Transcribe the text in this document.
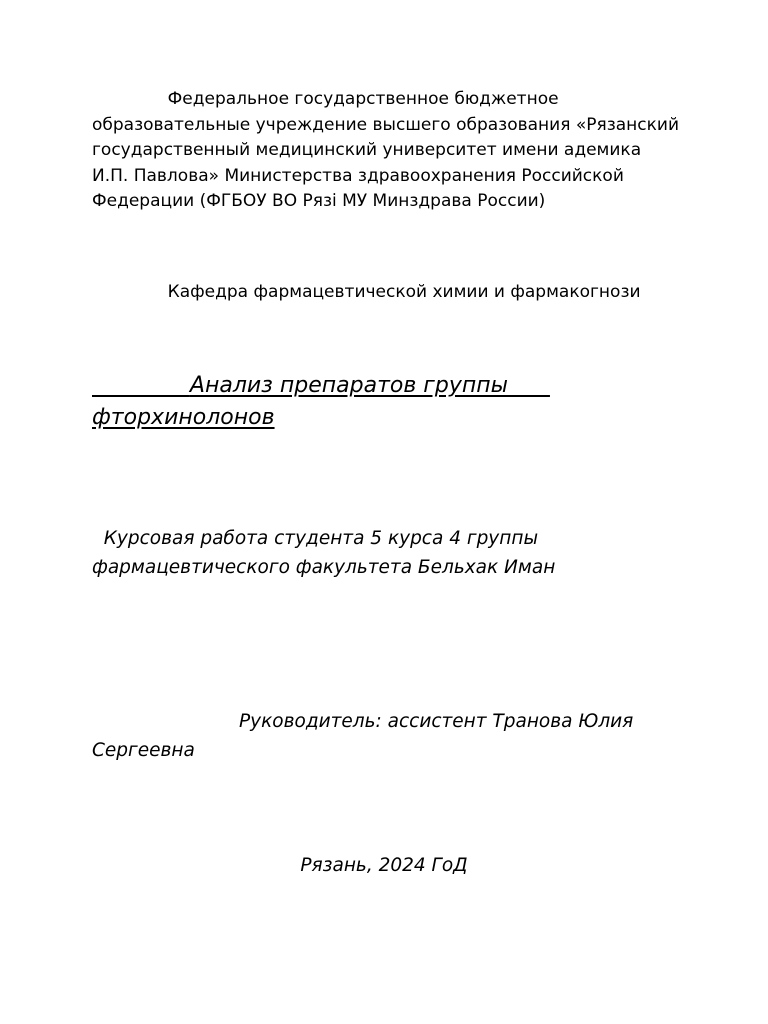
Федеральное государственное бюджетное образовательные учреждение высшего образования «Рязанский государственный медицинский университет имени адемика И.П. Павлова» Министерства здравоохранения Российской Федерации (ФГБОУ ВО Рязі МУ Минздрава России)
Кафедра фармацевтической химии и фармакогнози
Анализ препаратов группы      фторхинолонов
Курсовая работа студента 5 курса 4 группы фармацевтического факультета Бельхак Иман
Руководитель: ассистент Транова Юлия Сергеевна
Рязань, 2024 ГоД
